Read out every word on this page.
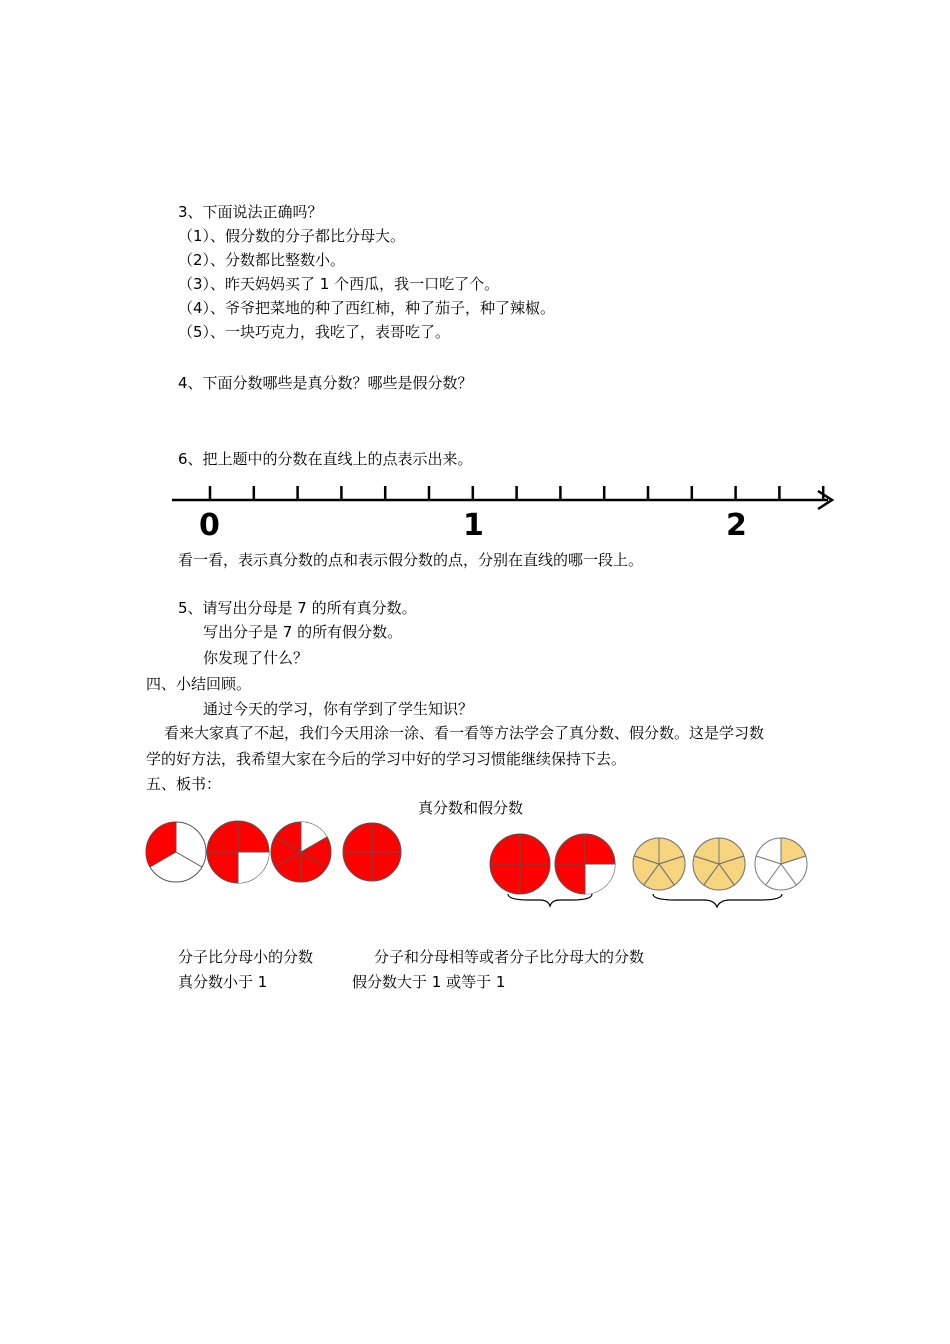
3、下面说法正确吗？
（1）、假分数的分子都比分母大。
（2）、分数都比整数小。
（3）、昨天妈妈买了 1 个西瓜，我一口吃了个。
（4）、爷爷把菜地的种了西红柿，种了茄子，种了辣椒。
（5）、一块巧克力，我吃了，表哥吃了。
4、下面分数哪些是真分数？哪些是假分数？
6、把上题中的分数在直线上的点表示出来。
0	1	2
看一看，表示真分数的点和表示假分数的点，分别在直线的哪一段上。
5、请写出分母是 7 的所有真分数。
写出分子是 7 的所有假分数。
你发现了什么？
四、小结回顾。
通过今天的学习，你有学到了学生知识？
看来大家真了不起，我们今天用涂一涂、看一看等方法学会了真分数、假分数。这是学习数
学的好方法，我希望大家在今后的学习中好的学习习惯能继续保持下去。
五、板书：
真分数和假分数
分子比分母小的分数	分子和分母相等或者分子比分母大的分数
真分数小于 1	假分数大于 1 或等于 1
